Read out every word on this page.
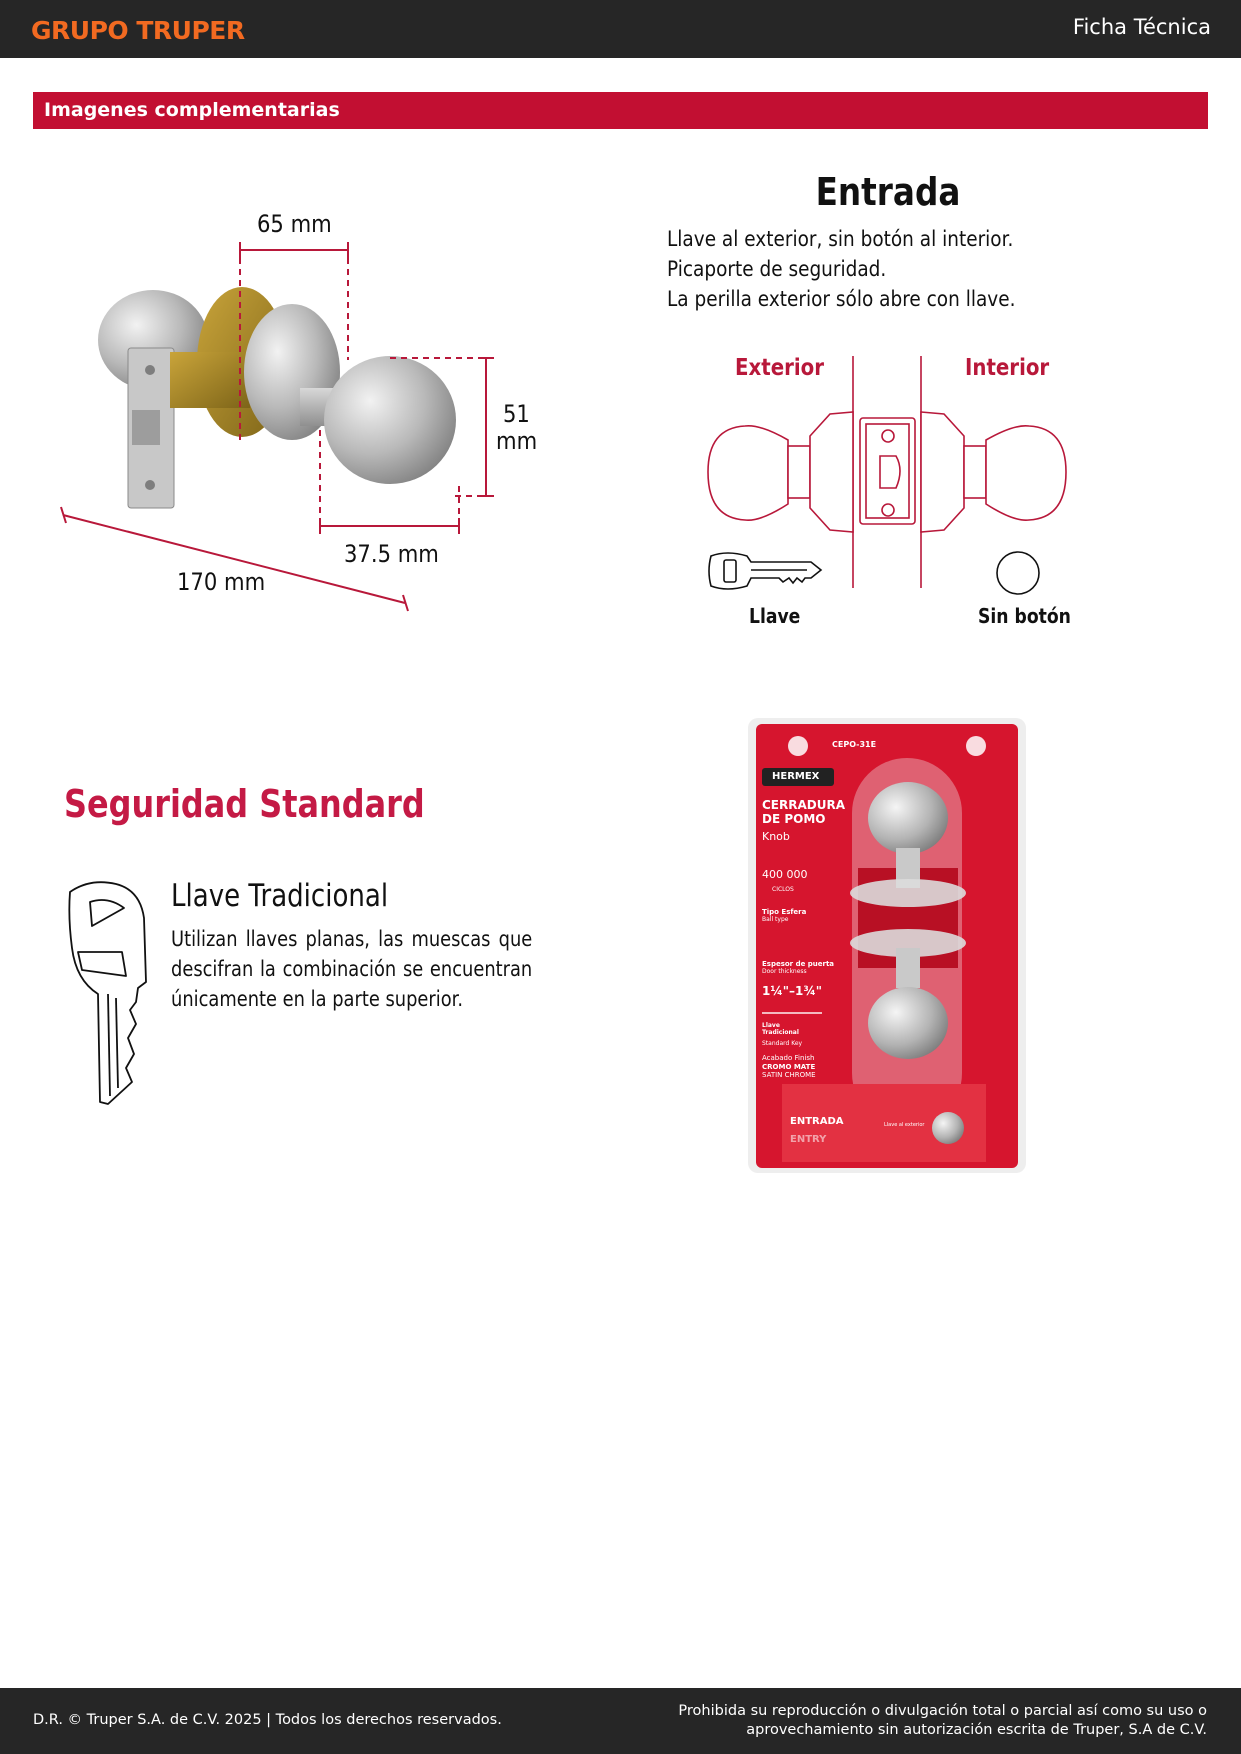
GRUPO TRUPER	Ficha Técnica
Imagenes complementarias
65 mm
51
mm
37.5 mm
170 mm
Entrada
Llave al exterior, sin botón al interior.
Picaporte de seguridad.
La perilla exterior sólo abre con llave.
Exterior	Interior
Llave	Sin botón
Seguridad Standard
Llave Tradicional
Utilizan llaves planas, las muescas que descifran la combinación se encuentran únicamente en la parte superior.
CEPO-31E
HERMEX
CERRADURA
DE POMO
Knob
400 000
CICLOS
Tipo Esfera
Ball type
Espesor de puerta
Door thickness
1¼"–1¾"
Llave Tradicional
Standard Key
Acabado Finish
CROMO MATE
SATIN CHROME
ENTRADA
ENTRY
Llave al exterior
D.R. © Truper S.A. de C.V. 2025 | Todos los derechos reservados.
Prohibida su reproducción o divulgación total o parcial así como su uso o aprovechamiento sin autorización escrita de Truper, S.A de C.V.
